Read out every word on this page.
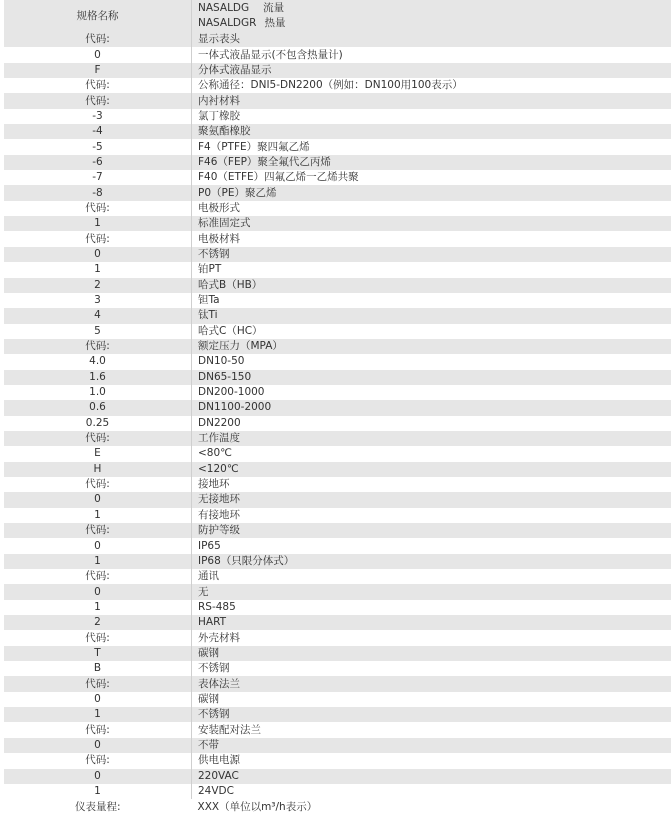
规格名称	NASALDG 流量
NASALDGR 热量

代码:	显示表头
0	一体式液晶显示(不包含热量计)
F	分体式液晶显示
代码:	公称通径：DNI5-DN2200（例如：DN100用100表示）
代码:	内衬材料
-3	氯丁橡胶
-4	聚氨酯橡胶
-5	F4（PTFE）聚四氟乙烯
-6	F46（FEP）聚全氟代乙丙烯
-7	F40（ETFE）四氟乙烯一乙烯共聚
-8	P0（PE）聚乙烯
代码:	电极形式
1	标准固定式
代码:	电极材料
0	不锈钢
1	铂PT
2	哈式B（HB）
3	钽Ta
4	钛Ti
5	哈式C（HC）
代码:	额定压力（MPA）
4.0	DN10-50
1.6	DN65-150
1.0	DN200-1000
0.6	DN1100-2000
0.25	DN2200
代码:	工作温度
E	<80℃
H	<120℃
代码:	接地环
0	无接地环
1	有接地环
代码:	防护等级
0	IP65
1	IP68（只限分体式）
代码:	通讯
0	无
1	RS-485
2	HART
代码:	外壳材料
T	碳钢
B	不锈钢
代码:	表体法兰
0	碳钢
1	不锈钢
代码:	安装配对法兰
0	不带
代码:	供电电源
0	220VAC
1	24VDC
仪表量程:	XXX（单位以m³/h表示）
